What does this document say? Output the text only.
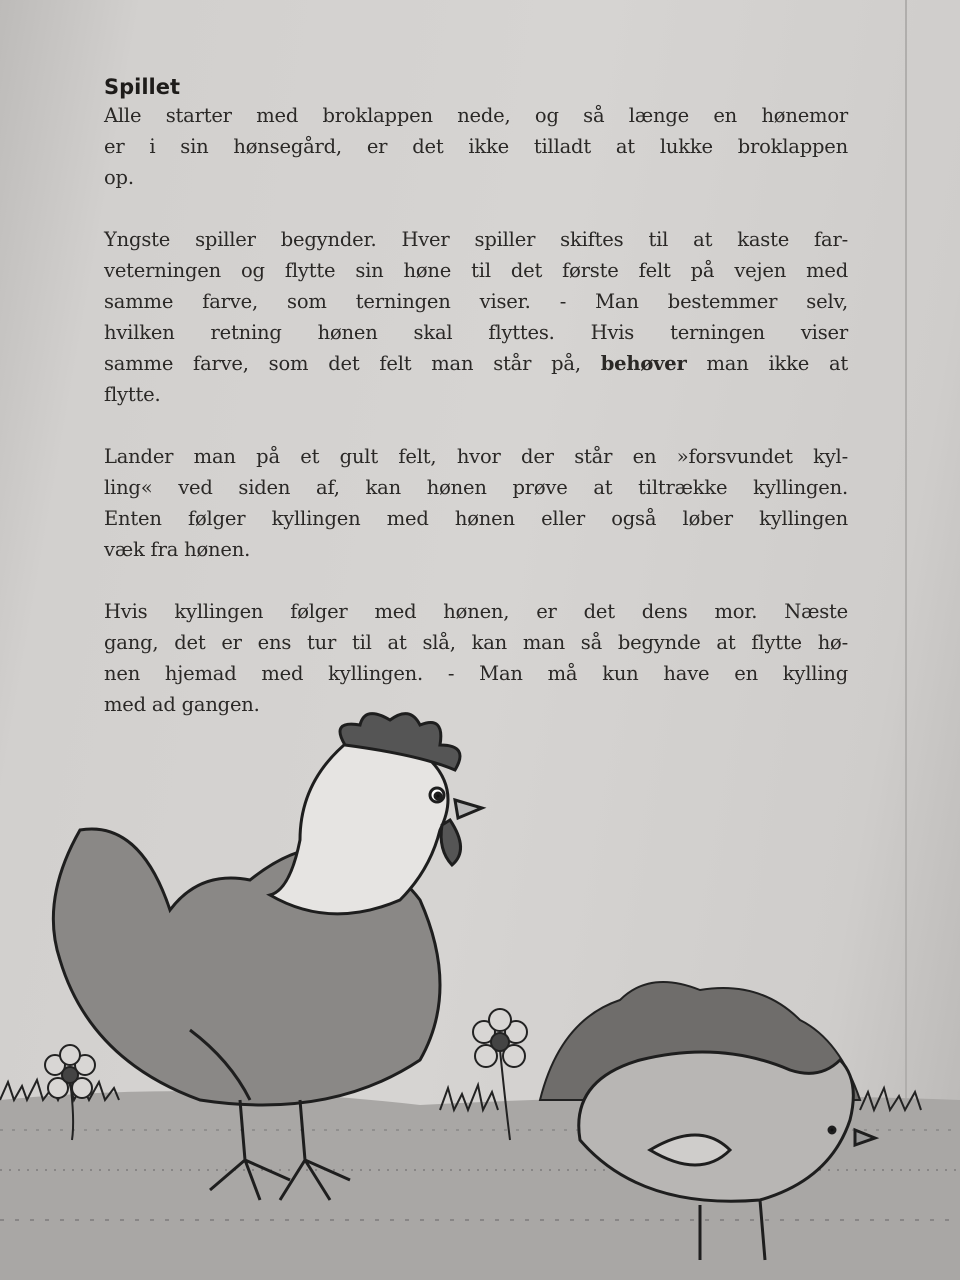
Spillet

Alle starter med broklappen nede, og så længe en hønemor
er i sin hønsegård, er det ikke tilladt at lukke broklappen
op.

Yngste spiller begynder. Hver spiller skiftes til at kaste far-
veterningen og flytte sin høne til det første felt på vejen med
samme farve, som terningen viser. - Man bestemmer selv,
hvilken retning hønen skal flyttes. Hvis terningen viser
samme farve, som det felt man står på, behøver man ikke at
flytte.

Lander man på et gult felt, hvor der står en »forsvundet kyl-
ling« ved siden af, kan hønen prøve at tiltrække kyllingen.
Enten følger kyllingen med hønen eller også løber kyllingen
væk fra hønen.

Hvis kyllingen følger med hønen, er det dens mor. Næste
gang, det er ens tur til at slå, kan man så begynde at flytte hø-
nen hjemad med kyllingen. - Man må kun have en kylling
med ad gangen.
